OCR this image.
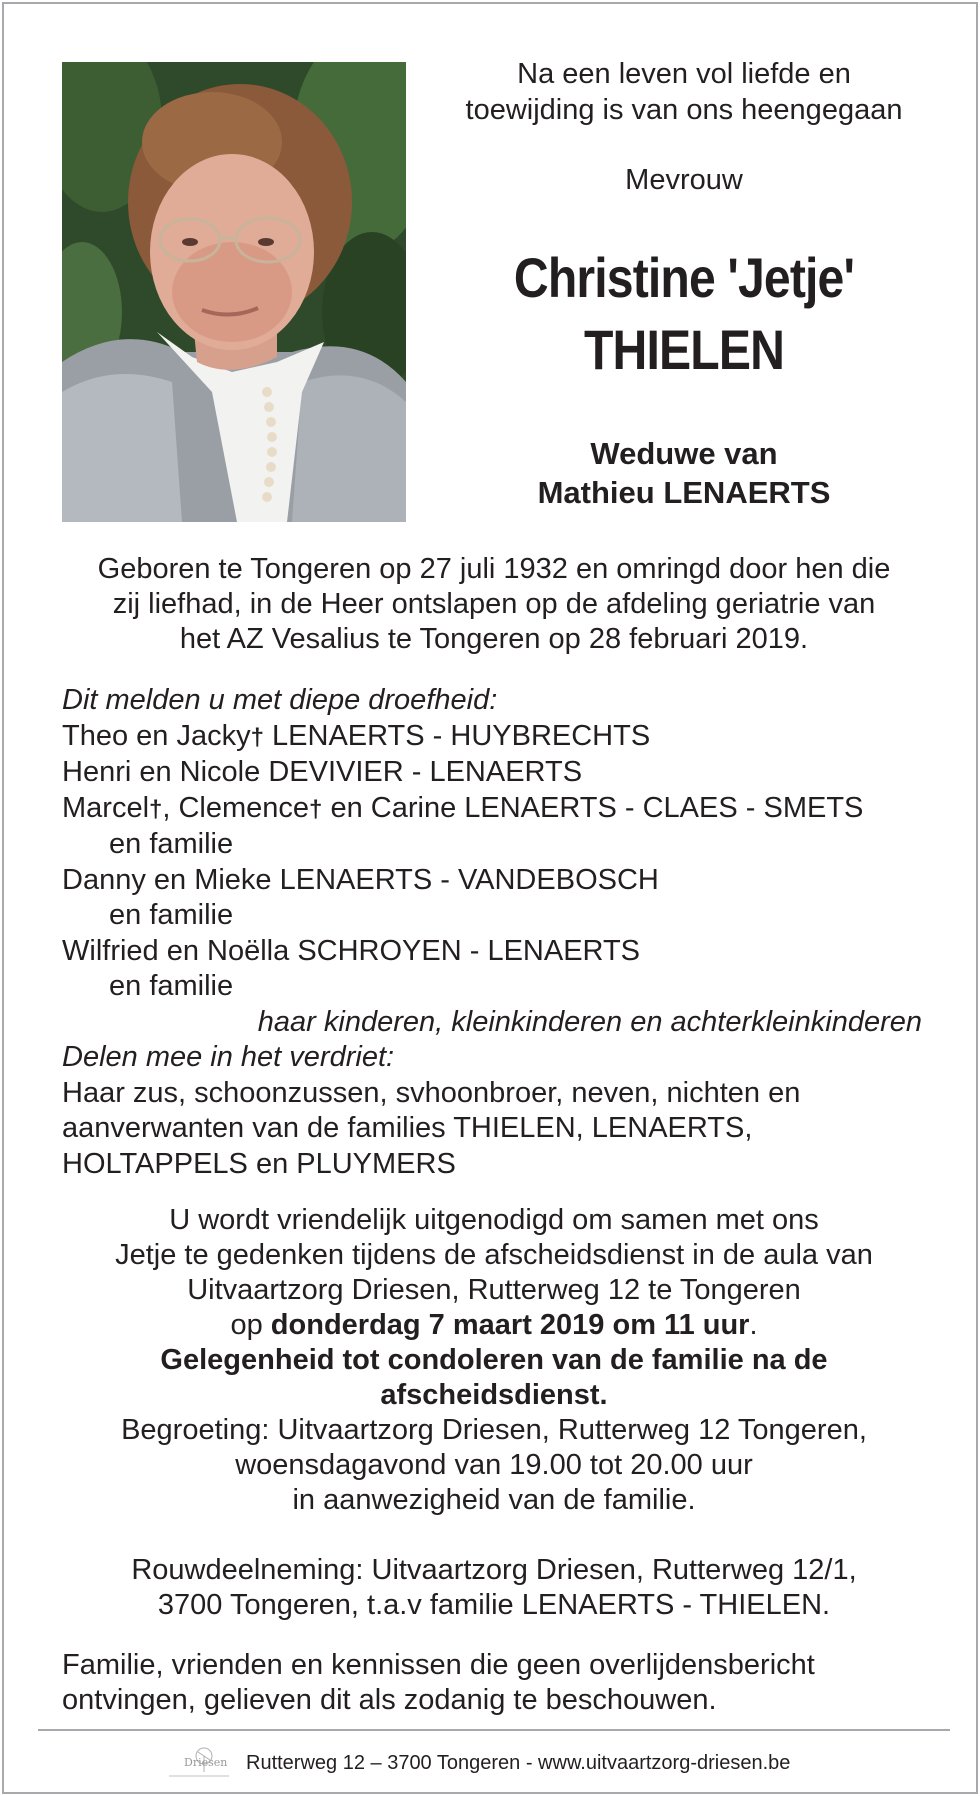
Na een leven vol liefde en
toewijding is van ons heengegaan
Mevrouw
Christine 'Jetje'
THIELEN
Weduwe van
Mathieu LENAERTS
Geboren te Tongeren op 27 juli 1932 en omringd door hen die
zij liefhad, in de Heer ontslapen op de afdeling geriatrie van
het AZ Vesalius te Tongeren op 28 februari 2019.
Dit melden u met diepe droefheid:
Theo en Jacky† LENAERTS - HUYBRECHTS
Henri en Nicole DEVIVIER - LENAERTS
Marcel†, Clemence† en Carine LENAERTS - CLAES - SMETS
en familie
Danny en Mieke LENAERTS - VANDEBOSCH
en familie
Wilfried en Noëlla SCHROYEN - LENAERTS
en familie
haar kinderen, kleinkinderen en achterkleinkinderen
Delen mee in het verdriet:
Haar zus, schoonzussen, svhoonbroer, neven, nichten en
aanverwanten van de families THIELEN, LENAERTS,
HOLTAPPELS en PLUYMERS
U wordt vriendelijk uitgenodigd om samen met ons
Jetje te gedenken tijdens de afscheidsdienst in de aula van
Uitvaartzorg Driesen, Rutterweg 12 te Tongeren
op donderdag 7 maart 2019 om 11 uur.
Gelegenheid tot condoleren van de familie na de
afscheidsdienst.
Begroeting: Uitvaartzorg Driesen, Rutterweg 12 Tongeren,
woensdagavond van 19.00 tot 20.00 uur
in aanwezigheid van de familie.
Rouwdeelneming: Uitvaartzorg Driesen, Rutterweg 12/1,
3700 Tongeren, t.a.v familie LENAERTS - THIELEN.
Familie, vrienden en kennissen die geen overlijdensbericht
ontvingen, gelieven dit als zodanig te beschouwen.
Driesen Rutterweg 12 – 3700 Tongeren - www.uitvaartzorg-driesen.be
